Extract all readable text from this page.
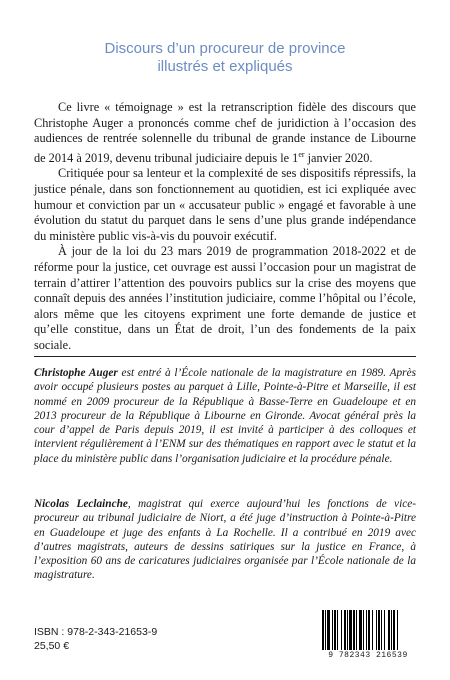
Discours d’un procureur de province
illustrés et expliqués

Ce livre « témoignage » est la retranscription fidèle des discours que Christophe Auger a prononcés comme chef de juridiction à l’occasion des audiences de rentrée solennelle du tribunal de grande instance de Libourne de 2014 à 2019, devenu tribunal judiciaire depuis le 1er janvier 2020.

Critiquée pour sa lenteur et la complexité de ses dispositifs répressifs, la justice pénale, dans son fonctionnement au quotidien, est ici expliquée avec humour et conviction par un « accusateur public » engagé et favorable à une évolution du statut du parquet dans le sens d’une plus grande indépendance du ministère public vis-à-vis du pouvoir exécutif.

À jour de la loi du 23 mars 2019 de programmation 2018-2022 et de réforme pour la justice, cet ouvrage est aussi l’occasion pour un magistrat de terrain d’attirer l’attention des pouvoirs publics sur la crise des moyens que connaît depuis des années l’institution judiciaire, comme l’hôpital ou l’école, alors même que les citoyens expriment une forte demande de justice et qu’elle constitue, dans un État de droit, l’un des fondements de la paix sociale.

Christophe Auger est entré à l’École nationale de la magistrature en 1989. Après avoir occupé plusieurs postes au parquet à Lille, Pointe-à-Pitre et Marseille, il est nommé en 2009 procureur de la République à Basse-Terre en Guadeloupe et en 2013 procureur de la République à Libourne en Gironde. Avocat général près la cour d’appel de Paris depuis 2019, il est invité à participer à des colloques et intervient régulièrement à l’ENM sur des thématiques en rapport avec le statut et la place du ministère public dans l’organisation judiciaire et la procédure pénale.
Nicolas Leclainche, magistrat qui exerce aujourd’hui les fonctions de vice-procureur au tribunal judiciaire de Niort, a été juge d’instruction à Pointe-à-Pitre en Guadeloupe et juge des enfants à La Rochelle. Il a contribué en 2019 avec d’autres magistrats, auteurs de dessins satiriques sur la justice en France, à l’exposition 60 ans de caricatures judiciaires organisée par l’École nationale de la magistrature.
ISBN : 978-2-343-21653-9
25,50 €
9 782343 216539
